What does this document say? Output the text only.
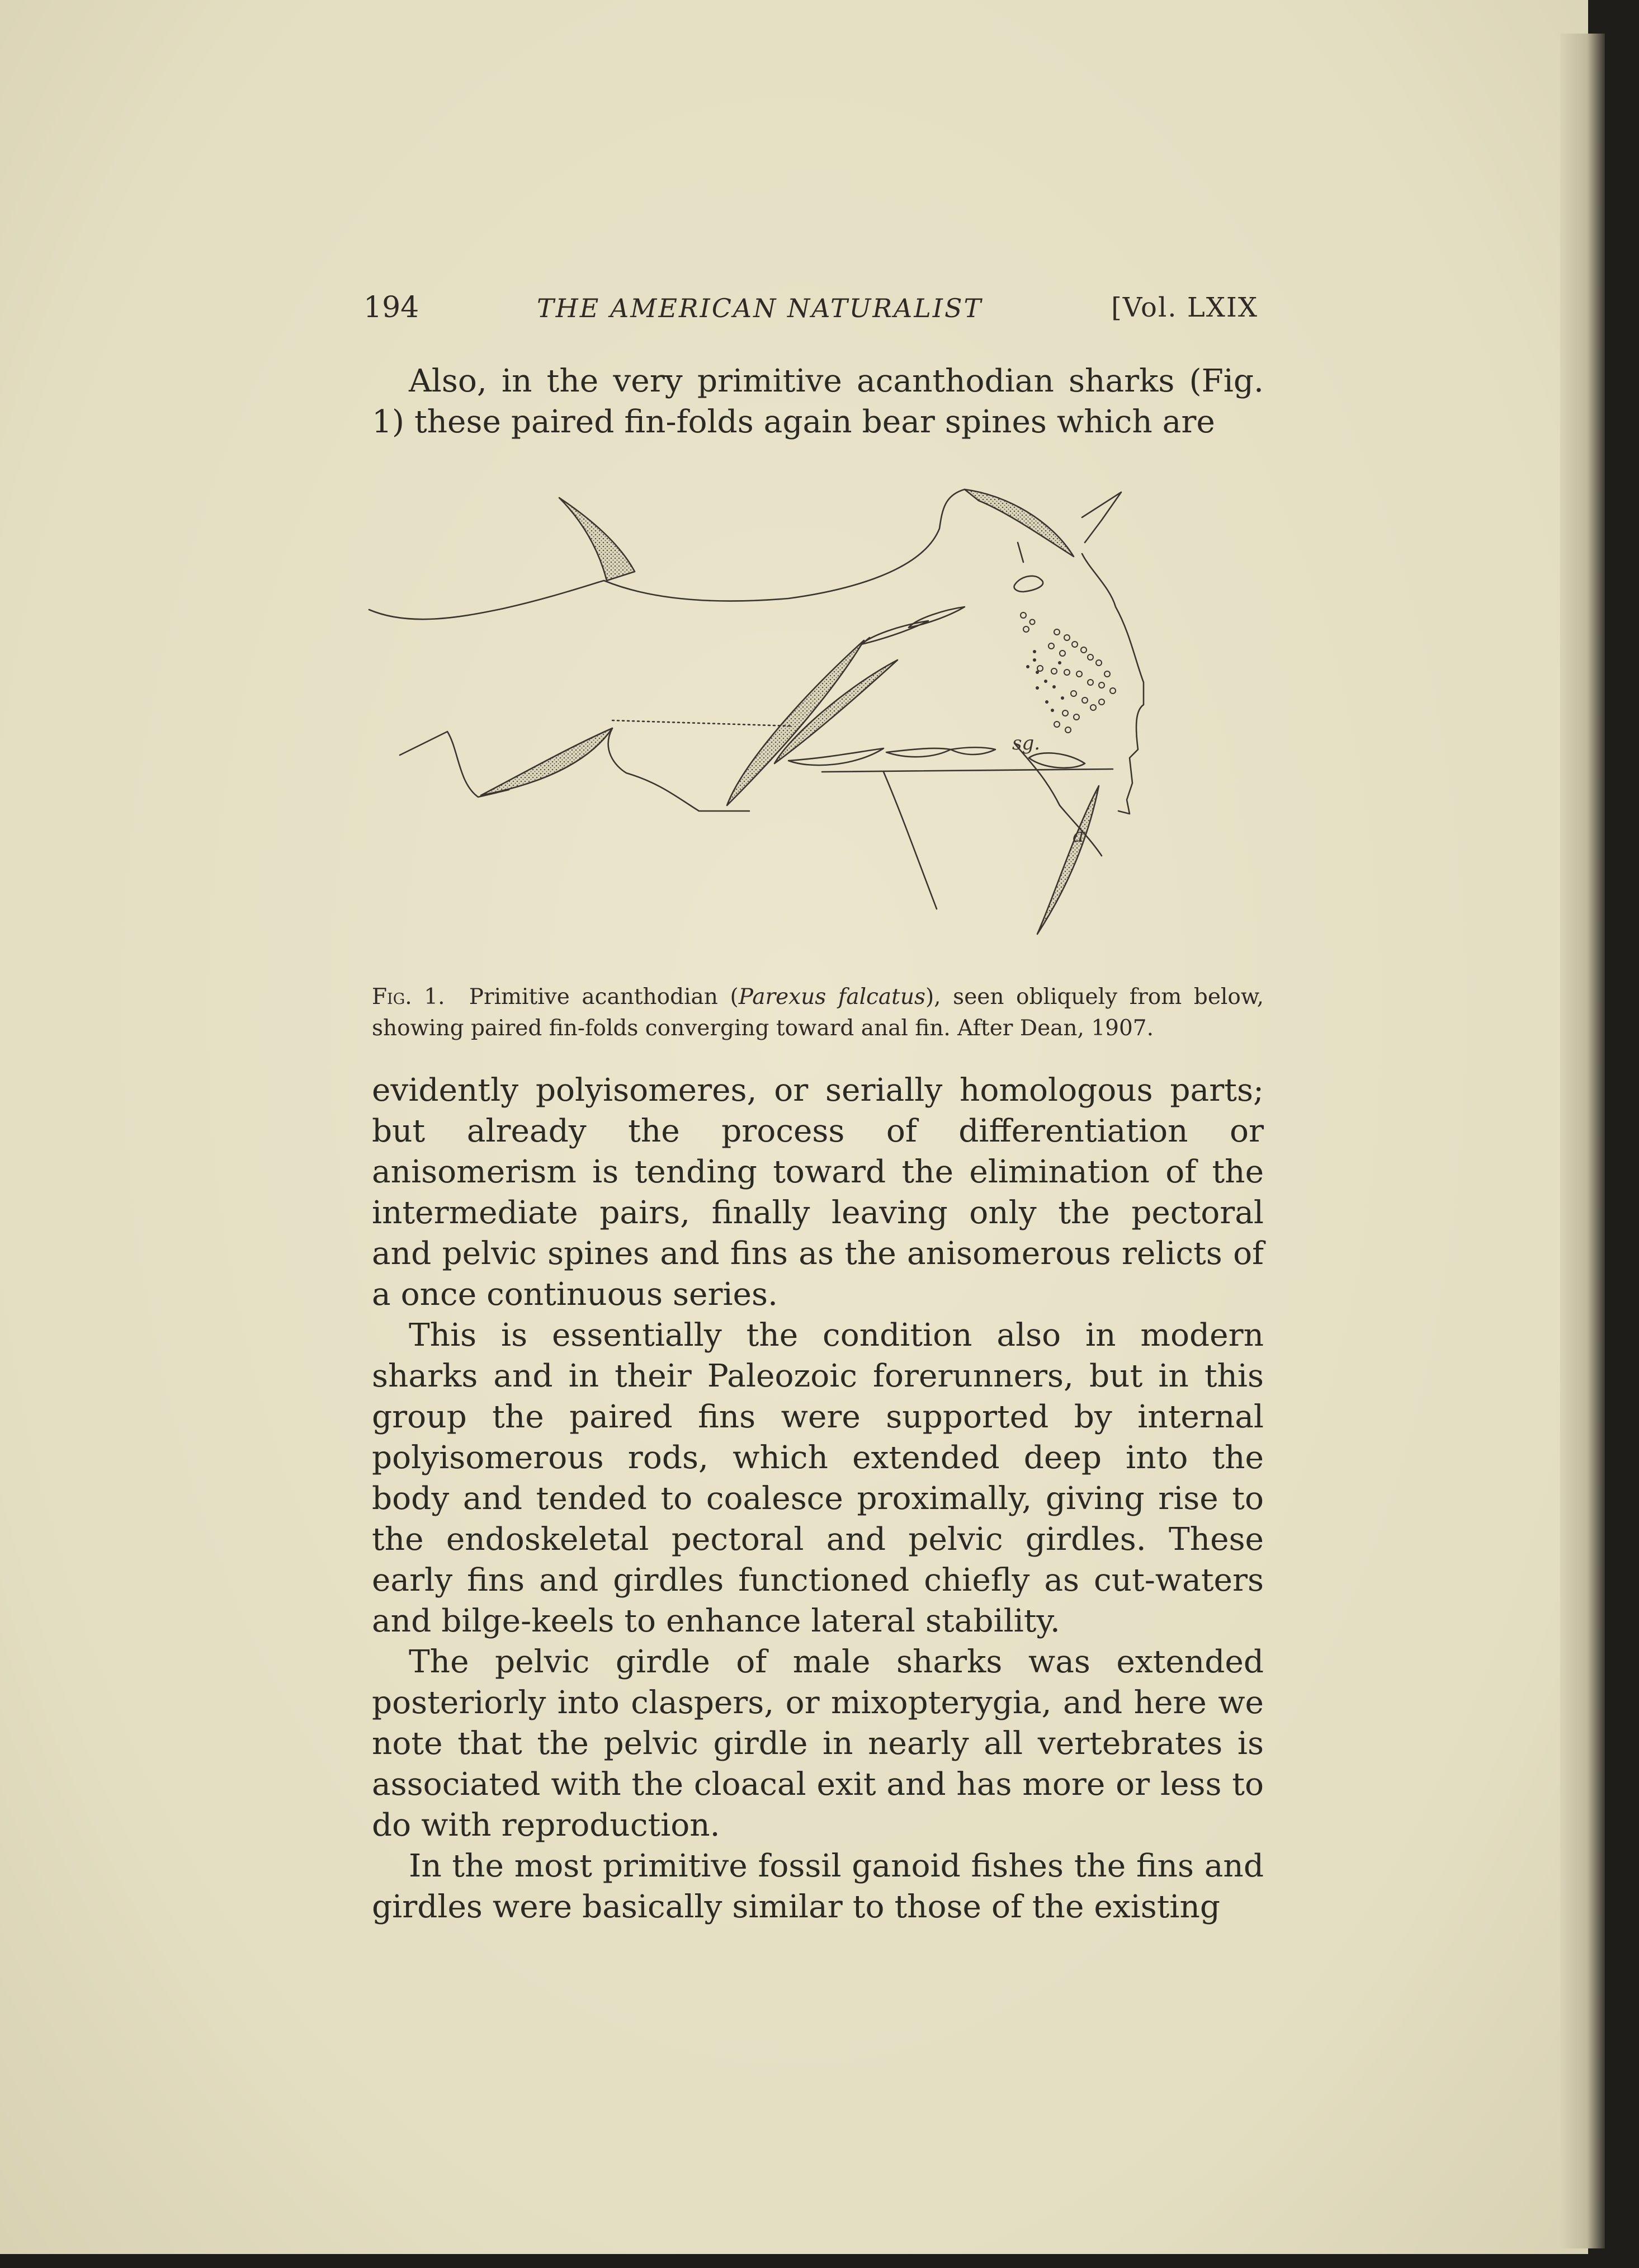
194	THE AMERICAN NATURALIST	[Vol. LXIX

Also, in the very primitive acanthodian sharks (Fig. 1) these paired fin-folds again bear spines which are

sg.
a
Fig. 1. Primitive acanthodian (Parexus falcatus), seen obliquely from below, showing paired fin-folds converging toward anal fin. After Dean, 1907.

evidently polyisomeres, or serially homologous parts; but already the process of differentiation or anisomerism is tending toward the elimination of the intermediate pairs, finally leaving only the pectoral and pelvic spines and fins as the anisomerous relicts of a once continuous series.

This is essentially the condition also in modern sharks and in their Paleozoic forerunners, but in this group the paired fins were supported by internal polyisomerous rods, which extended deep into the body and tended to coalesce proximally, giving rise to the endoskeletal pectoral and pelvic girdles. These early fins and girdles functioned chiefly as cut-waters and bilge-keels to enhance lateral stability.

The pelvic girdle of male sharks was extended posteriorly into claspers, or mixopterygia, and here we note that the pelvic girdle in nearly all vertebrates is associated with the cloacal exit and has more or less to do with reproduction.

In the most primitive fossil ganoid fishes the fins and girdles were basically similar to those of the existing
